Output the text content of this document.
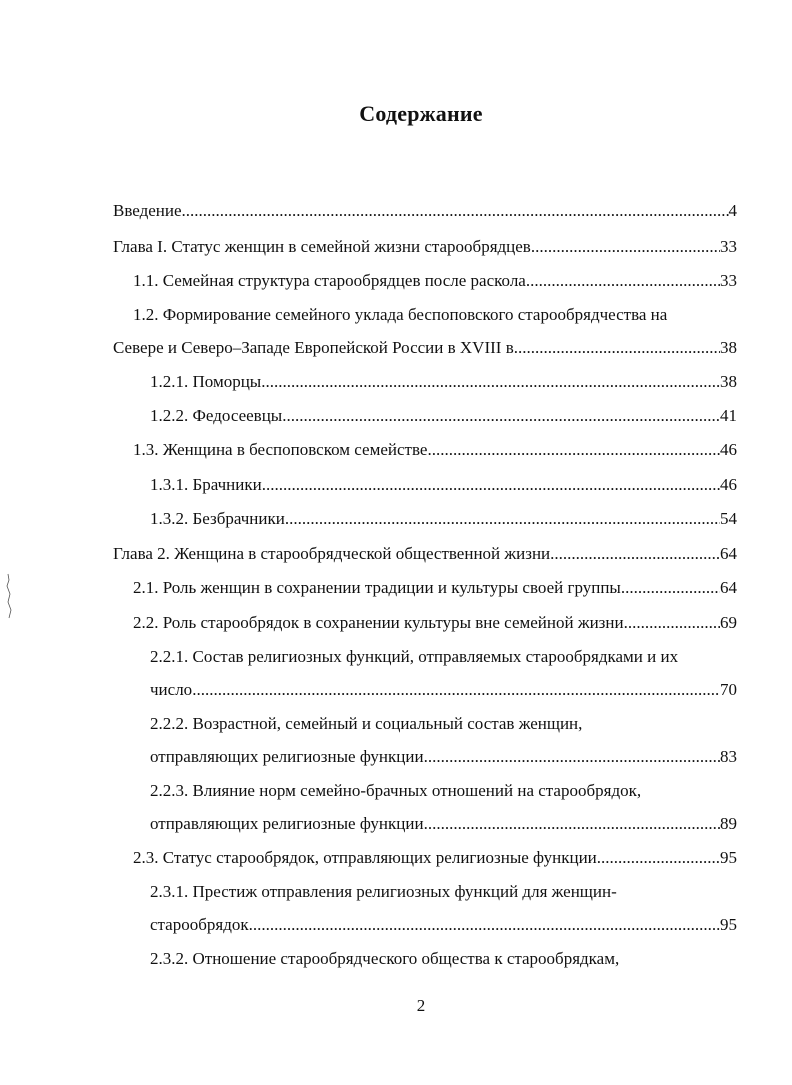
Содержание
Введение .....	4
Глава I. Статус женщин в семейной жизни старообрядцев .....	33
1.1. Семейная структура старообрядцев после раскола .....	33
1.2. Формирование семейного уклада беспоповского старообрядчества на
Севере и Северо–Западе Европейской России в XVIII в. .....	38
1.2.1. Поморцы .....	38
1.2.2. Федосеевцы .....	41
1.3. Женщина в беспоповском семействе .....	46
1.3.1. Брачники .....	46
1.3.2. Безбрачники .....	54
Глава 2. Женщина в старообрядческой общественной жизни .....	64
2.1. Роль женщин в сохранении традиции и культуры своей группы .....	64
2.2. Роль старообрядок в сохранении культуры вне семейной жизни .....	69
2.2.1. Состав религиозных функций, отправляемых старообрядками и их
число .....	70
2.2.2. Возрастной, семейный и социальный состав женщин,
отправляющих религиозные функции .....	83
2.2.3. Влияние норм семейно-брачных отношений на старообрядок,
отправляющих религиозные функции .....	89
2.3. Статус старообрядок, отправляющих религиозные функции .....	95
2.3.1. Престиж отправления религиозных функций для женщин-
старообрядок .....	95
2.3.2. Отношение старообрядческого общества к старообрядкам,
2
